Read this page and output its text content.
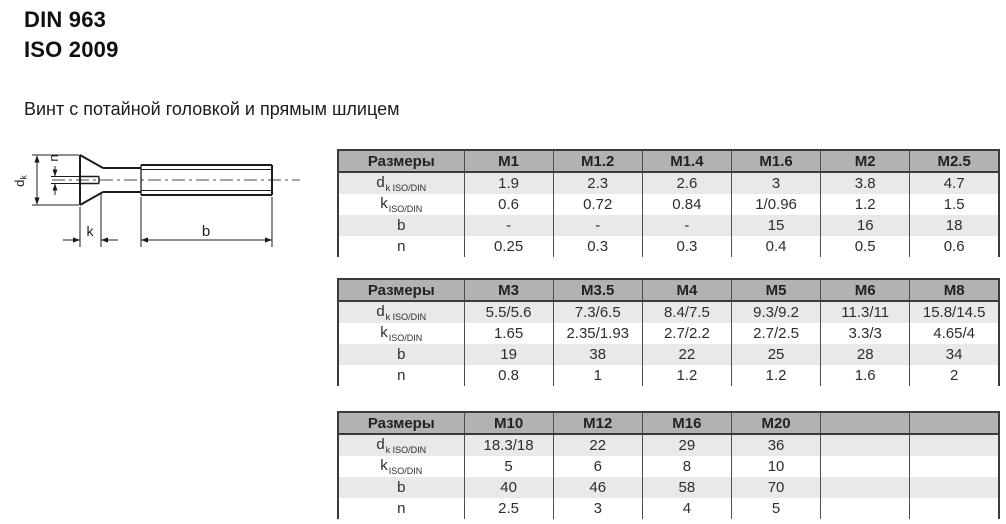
DIN 963
ISO 2009
Винт с потайной головкой и прямым шлицем
dk
n
k	b
Размеры	M1	M1.2	M1.4	M1.6	M2	M2.5
$d_{k ISO/DIN}$	1.9	2.3	2.6	3	3.8	4.7
$k_{ISO/DIN}$	0.6	0.72	0.84	1/0.96	1.2	1.5
b	-	-	-	15	16	18
n	0.25	0.3	0.3	0.4	0.5	0.6
Размеры	M3	M3.5	M4	M5	M6	M8
$d_{k ISO/DIN}$	5.5/5.6	7.3/6.5	8.4/7.5	9.3/9.2	11.3/11	15.8/14.5
$k_{ISO/DIN}$	1.65	2.35/1.93	2.7/2.2	2.7/2.5	3.3/3	4.65/4
b	19	38	22	25	28	34
n	0.8	1	1.2	1.2	1.6	2
Размеры	M10	M12	M16	M20		
$d_{k ISO/DIN}$	18.3/18	22	29	36		
$k_{ISO/DIN}$	5	6	8	10		
b	40	46	58	70		
n	2.5	3	4	5		
